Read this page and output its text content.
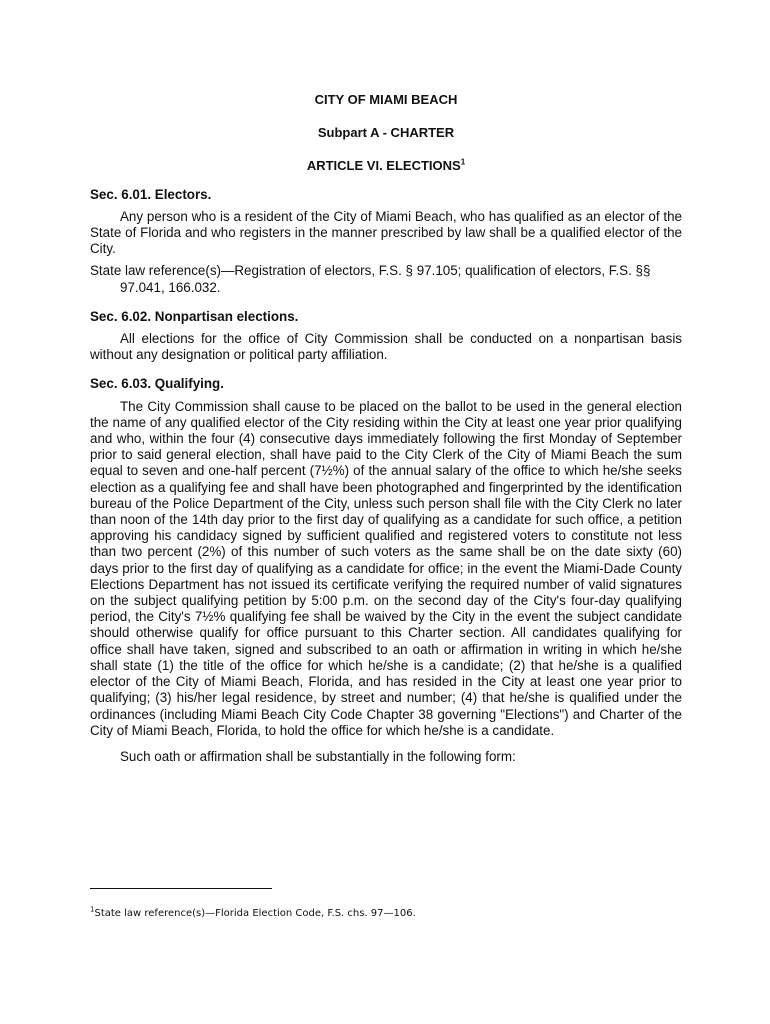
CITY OF MIAMI BEACH

Subpart A - CHARTER

ARTICLE VI. ELECTIONS$^1$

Sec. 6.01. Electors.

Any person who is a resident of the City of Miami Beach, who has qualified as an elector of the State of Florida and who registers in the manner prescribed by law shall be a qualified elector of the City.

State law reference(s)—Registration of electors, F.S. § 97.105; qualification of electors, F.S. §§ 97.041, 166.032.

Sec. 6.02. Nonpartisan elections.

All elections for the office of City Commission shall be conducted on a nonpartisan basis without any designation or political party affiliation.

Sec. 6.03. Qualifying.

The City Commission shall cause to be placed on the ballot to be used in the general election the name of any qualified elector of the City residing within the City at least one year prior qualifying and who, within the four (4) consecutive days immediately following the first Monday of September prior to said general election, shall have paid to the City Clerk of the City of Miami Beach the sum equal to seven and one-half percent (7½%) of the annual salary of the office to which he/she seeks election as a qualifying fee and shall have been photographed and fingerprinted by the identification bureau of the Police Department of the City, unless such person shall file with the City Clerk no later than noon of the 14th day prior to the first day of qualifying as a candidate for such office, a petition approving his candidacy signed by sufficient qualified and registered voters to constitute not less than two percent (2%) of this number of such voters as the same shall be on the date sixty (60) days prior to the first day of qualifying as a candidate for office; in the event the Miami-Dade County Elections Department has not issued its certificate verifying the required number of valid signatures on the subject qualifying petition by 5:00 p.m. on the second day of the City's four-day qualifying period, the City's 7½% qualifying fee shall be waived by the City in the event the subject candidate should otherwise qualify for office pursuant to this Charter section. All candidates qualifying for office shall have taken, signed and subscribed to an oath or affirmation in writing in which he/she shall state (1) the title of the office for which he/she is a candidate; (2) that he/she is a qualified elector of the City of Miami Beach, Florida, and has resided in the City at least one year prior to qualifying; (3) his/her legal residence, by street and number; (4) that he/she is qualified under the ordinances (including Miami Beach City Code Chapter 38 governing "Elections") and Charter of the City of Miami Beach, Florida, to hold the office for which he/she is a candidate.

Such oath or affirmation shall be substantially in the following form:

$^1$State law reference(s)—Florida Election Code, F.S. chs. 97—106.
